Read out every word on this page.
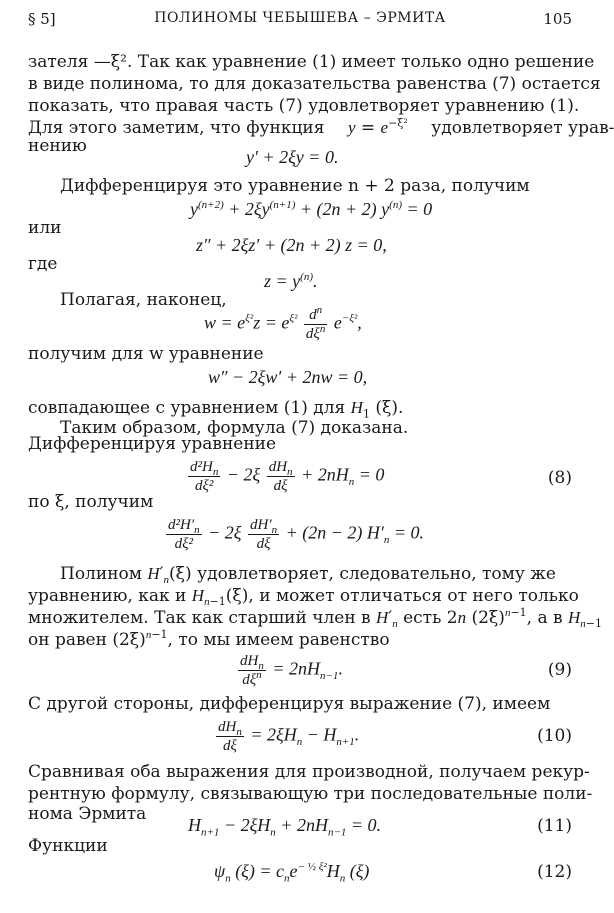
§ 5]	ПОЛИНОМЫ ЧЕБЫШЕВА – ЭРМИТА	105
зателя —ξ². Так как уравнение (1) имеет только одно решение
в виде полинома, то для доказательства равенства (7) остается
показать, что правая часть (7) удовлетворяет уравнению (1).
Для этого заметим, что функция $y = e^{-\xi^2}$ удовлетворяет урав-
нению
y′ + 2ξy = 0.
Дифференцируя это уравнение n + 2 раза, получим
$y^{(n+2)} + 2\xi y^{(n+1)} + (2n + 2) y^{(n)} = 0$
или
z″ + 2ξz′ + (2n + 2) z = 0,
где
$z = y^{(n)}$.
Полагая, наконец,
$w = e^{\xi^2}z = e^{\xi^2} \frac{d^n}{d\xi^n} e^{-\xi^2}$,
получим для w уравнение
w″ − 2ξw′ + 2nw = 0,
совпадающее с уравнением (1) для $H_1$ (ξ).
Таким образом, формула (7) доказана.
Дифференцируя уравнение
$\frac{d^2H_n}{\text{dξ²}} - 2\xi \frac{dH_n}{d\xi} + 2nH_n = 0$	(8)
по ξ, получим
$\frac{d^2H'_n}{\text{dξ²}} - 2\xi \frac{dH'_n}{d\xi} + (2n - 2) H'_n = 0$.
Полином $H'_n(\xi)$ удовлетворяет, следовательно, тому же
уравнению, как и $H_{n-1}(\xi)$, и может отличаться от него только
множителем. Так как старший член в $H'_n$ есть 2n $(2\xi)^{n-1}$, а в $H_{n-1}$
он равен $(2\xi)^{n-1}$, то мы имеем равенство
$\frac{dH_n}{d\xi^n} = 2nH_{n-1}$.	(9)
С другой стороны, дифференцируя выражение (7), имеем
$\frac{dH_n}{d\xi} = 2\xi H_n - H_{n+1}$.	(10)
Сравнивая оба выражения для производной, получаем рекур-
рентную формулу, связывающую три последовательные поли-
нома Эрмита
$H_{n+1} - 2\xi H_n + 2nH_{n-1} = 0$.	(11)
Функции
$\psi_n$ $(\xi) = c_ne^{- \frac{1}{2} \xi^2}H_n$ (ξ)	(12)
